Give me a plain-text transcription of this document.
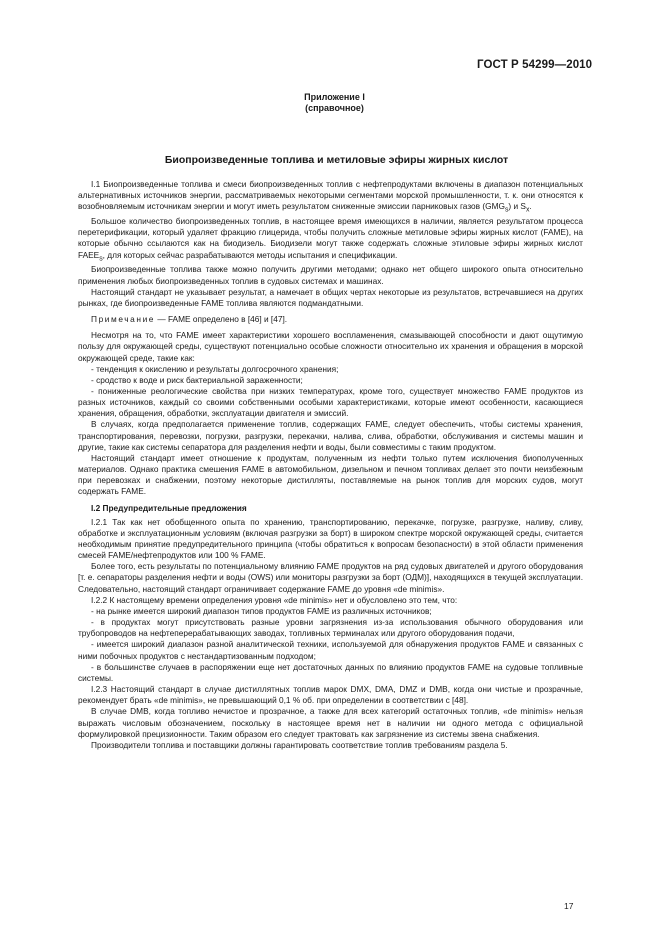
ГОСТ Р 54299—2010
Приложение I
(справочное)
Биопроизведенные топлива и метиловые эфиры жирных кислот

I.1 Биопроизведенные топлива и смеси биопроизведенных топлив с нефтепродуктами включены в диапазон потенциальных альтернативных источников энергии, рассматриваемых некоторыми сегментами морской промышленности, т. к. они относятся к возобновляемым источникам энергии и могут иметь результатом сниженные эмиссии парниковых газов $(GMG_s)$ и $S_x$.

Большое количество биопроизведенных топлив, в настоящее время имеющихся в наличии, является результатом процесса перетерификации, который удаляет фракцию глицерида, чтобы получить сложные метиловые эфиры жирных кислот (FAME), на которые обычно ссылаются как на биодизель. Биодизели могут также содержать сложные этиловые эфиры жирных кислот $FAEE_s$, для которых сейчас разрабатываются методы испытания и спецификации.

Биопроизведенные топлива также можно получить другими методами; однако нет общего широкого опыта относительно применения любых биопроизведенных топлив в судовых системах и машинах.

Настоящий стандарт не указывает результат, а намечает в общих чертах некоторые из результатов, встречавшиеся на других рынках, где биопроизведенные FAME топлива являются подмандатными.

Примечание — FAME определено в [46] и [47].

Несмотря на то, что FAME имеет характеристики хорошего воспламенения, смазывающей способности и дают ощутимую пользу для окружающей среды, существуют потенциально особые сложности относительно их хранения и обращения в морской окружающей среде, такие как:

- тенденция к окислению и результаты долгосрочного хранения;

- сродство к воде и риск бактериальной зараженности;

- пониженные реологические свойства при низких температурах, кроме того, существует множество FAME продуктов из разных источников, каждый со своими собственными особыми характеристиками, которые имеют особенности, касающиеся хранения, обращения, обработки, эксплуатации двигателя и эмиссий.

В случаях, когда предполагается применение топлив, содержащих FAME, следует обеспечить, чтобы системы хранения, транспортирования, перевозки, погрузки, разгрузки, перекачки, налива, слива, обработки, обслуживания и системы машин и другие, такие как системы сепаратора для разделения нефти и воды, были совместимы с таким продуктом.

Настоящий стандарт имеет отношение к продуктам, полученным из нефти только путем исключения биополученных материалов. Однако практика смешения FAME в автомобильном, дизельном и печном топливах делает это почти неизбежным при перевозках и снабжении, поэтому некоторые дистилляты, поставляемые на рынок топлив для морских судов, могут содержать FAME.

I.2 Предупредительные предложения

I.2.1 Так как нет обобщенного опыта по хранению, транспортированию, перекачке, погрузке, разгрузке, наливу, сливу, обработке и эксплуатационным условиям (включая разгрузки за борт) в широком спектре морской окружающей среды, считается необходимым принятие предупредительного принципа (чтобы обратиться к вопросам безопасности) в этой области применения смесей FAME/нефтепродуктов или 100 % FAME.

Более того, есть результаты по потенциальному влиянию FAME продуктов на ряд судовых двигателей и другого оборудования [т. е. сепараторы разделения нефти и воды (OWS) или мониторы разгрузки за борт (ОДМ)], находящихся в текущей эксплуатации. Следовательно, настоящий стандарт ограничивает содержание FAME до уровня «de minimis».

I.2.2 К настоящему времени определения уровня «de minimis» нет и обусловлено это тем, что:

- на рынке имеется широкий диапазон типов продуктов FAME из различных источников;

- в продуктах могут присутствовать разные уровни загрязнения из-за использования обычного оборудования или трубопроводов на нефтеперерабатывающих заводах, топливных терминалах или другого оборудования подачи,

- имеется широкий диапазон разной аналитической техники, используемой для обнаружения продуктов FAME и связанных с ними побочных продуктов с нестандартизованным подходом;

- в большинстве случаев в распоряжении еще нет достаточных данных по влиянию продуктов FAME на судовые топливные системы.

I.2.3 Настоящий стандарт в случае дистиллятных топлив марок DMX, DMA, DMZ и DMB, когда они чистые и прозрачные, рекомендует брать «de minimis», не превышающий 0,1 % об. при определении в соответствии с [48].

В случае DMB, когда топливо нечистое и прозрачное, а также для всех категорий остаточных топлив, «de minimis» нельзя выражать числовым обозначением, поскольку в настоящее время нет в наличии ни одного метода с официальной формулировкой прецизионности. Таким образом его следует трактовать как загрязнение из системы звена снабжения.

Производители топлива и поставщики должны гарантировать соответствие топлив требованиям раздела 5.

17
